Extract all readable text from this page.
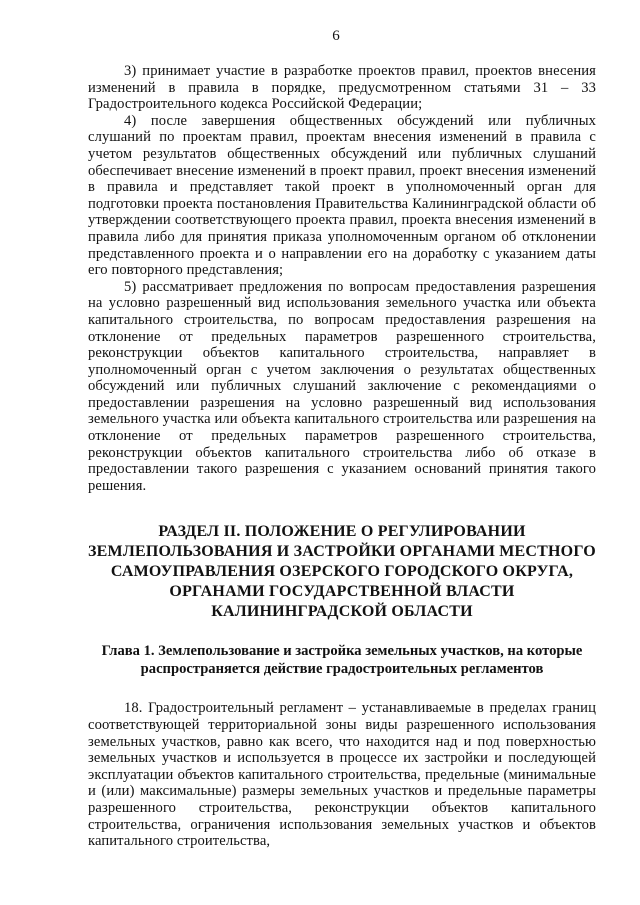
6

3) принимает участие в разработке проектов правил, проектов внесения изменений в правила в порядке, предусмотренном статьями 31 – 33 Градостроительного кодекса Российской Федерации;

4) после завершения общественных обсуждений или публичных слушаний по проектам правил, проектам внесения изменений в правила с учетом результатов общественных обсуждений или публичных слушаний обеспечивает внесение изменений в проект правил, проект внесения изменений в правила и представляет такой проект в уполномоченный орган для подготовки проекта постановления Правительства Калининградской области об утверждении соответствующего проекта правил, проекта внесения изменений в правила либо для принятия приказа уполномоченным органом об отклонении представленного проекта и о направлении его на доработку с указанием даты его повторного представления;

5) рассматривает предложения по вопросам предоставления разрешения на условно разрешенный вид использования земельного участка или объекта капитального строительства, по вопросам предоставления разрешения на отклонение от предельных параметров разрешенного строительства, реконструкции объектов капитального строительства, направляет в уполномоченный орган с учетом заключения о результатах общественных обсуждений или публичных слушаний заключение с рекомендациями о предоставлении разрешения на условно разрешенный вид использования земельного участка или объекта капитального строительства или разрешения на отклонение от предельных параметров разрешенного строительства, реконструкции объектов капитального строительства либо об отказе в предоставлении такого разрешения с указанием оснований принятия такого решения.

РАЗДЕЛ II. ПОЛОЖЕНИЕ О РЕГУЛИРОВАНИИ
ЗЕМЛЕПОЛЬЗОВАНИЯ И ЗАСТРОЙКИ ОРГАНАМИ МЕСТНОГО
САМОУПРАВЛЕНИЯ ОЗЕРСКОГО ГОРОДСКОГО ОКРУГА,
ОРГАНАМИ ГОСУДАРСТВЕННОЙ ВЛАСТИ
КАЛИНИНГРАДСКОЙ ОБЛАСТИ
Глава 1. Землепользование и застройка земельных участков, на которые
распространяется действие градостроительных регламентов

18. Градостроительный регламент – устанавливаемые в пределах границ соответствующей территориальной зоны виды разрешенного использования земельных участков, равно как всего, что находится над и под поверхностью земельных участков и используется в процессе их застройки и последующей эксплуатации объектов капитального строительства, предельные (минимальные и (или) максимальные) размеры земельных участков и предельные параметры разрешенного строительства, реконструкции объектов капитального строительства, ограничения использования земельных участков и объектов капитального строительства,
